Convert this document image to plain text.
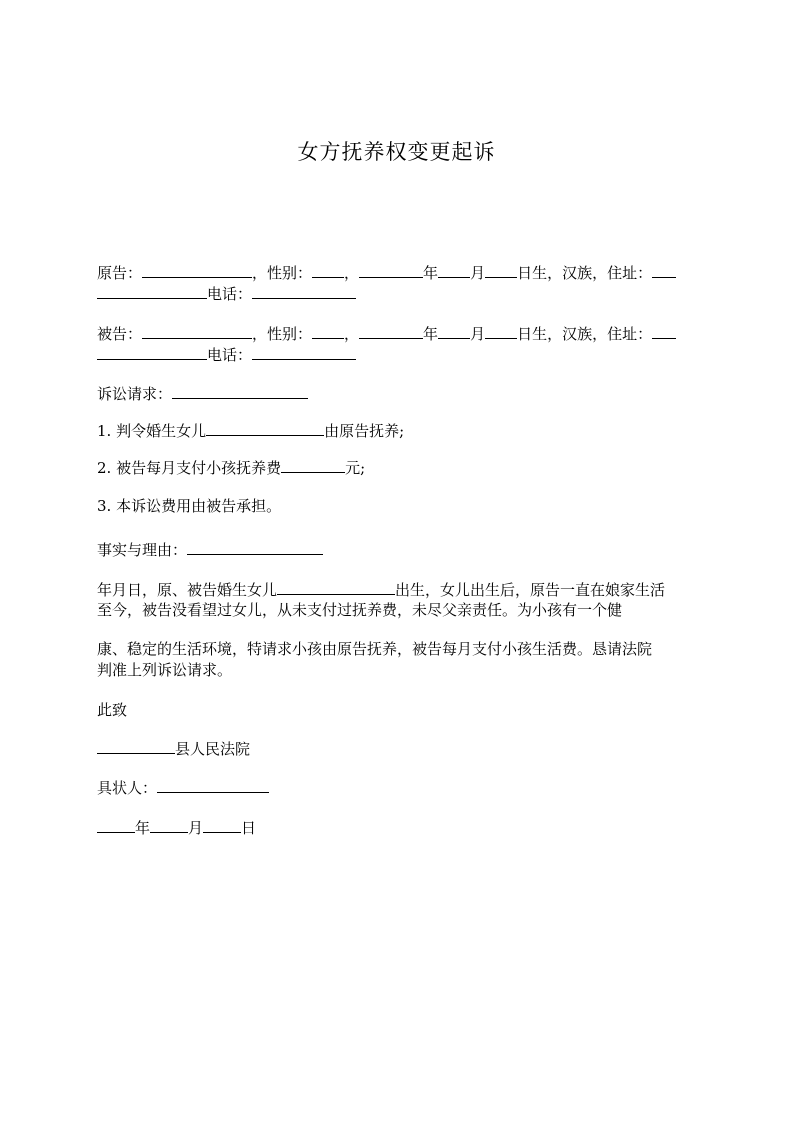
女方抚养权变更起诉
原告：	，性别： ，	年 月 日生，汉族，住址：
电话：
被告：	，性别： ，	年 月 日生，汉族，住址：
电话：
诉讼请求：
1. 判令婚生女儿	由原告抚养;
2. 被告每月支付小孩抚养费	元;
3. 本诉讼费用由被告承担。
事实与理由：
年月日，原、被告婚生女儿	出生，女儿出生后，原告一直在娘家生活
至今，被告没看望过女儿，从未支付过抚养费，未尽父亲责任。为小孩有一个健
康、稳定的生活环境，特请求小孩由原告抚养，被告每月支付小孩生活费。恳请法院
判准上列诉讼请求。
此致
县人民法院
具状人：
年	月	日
